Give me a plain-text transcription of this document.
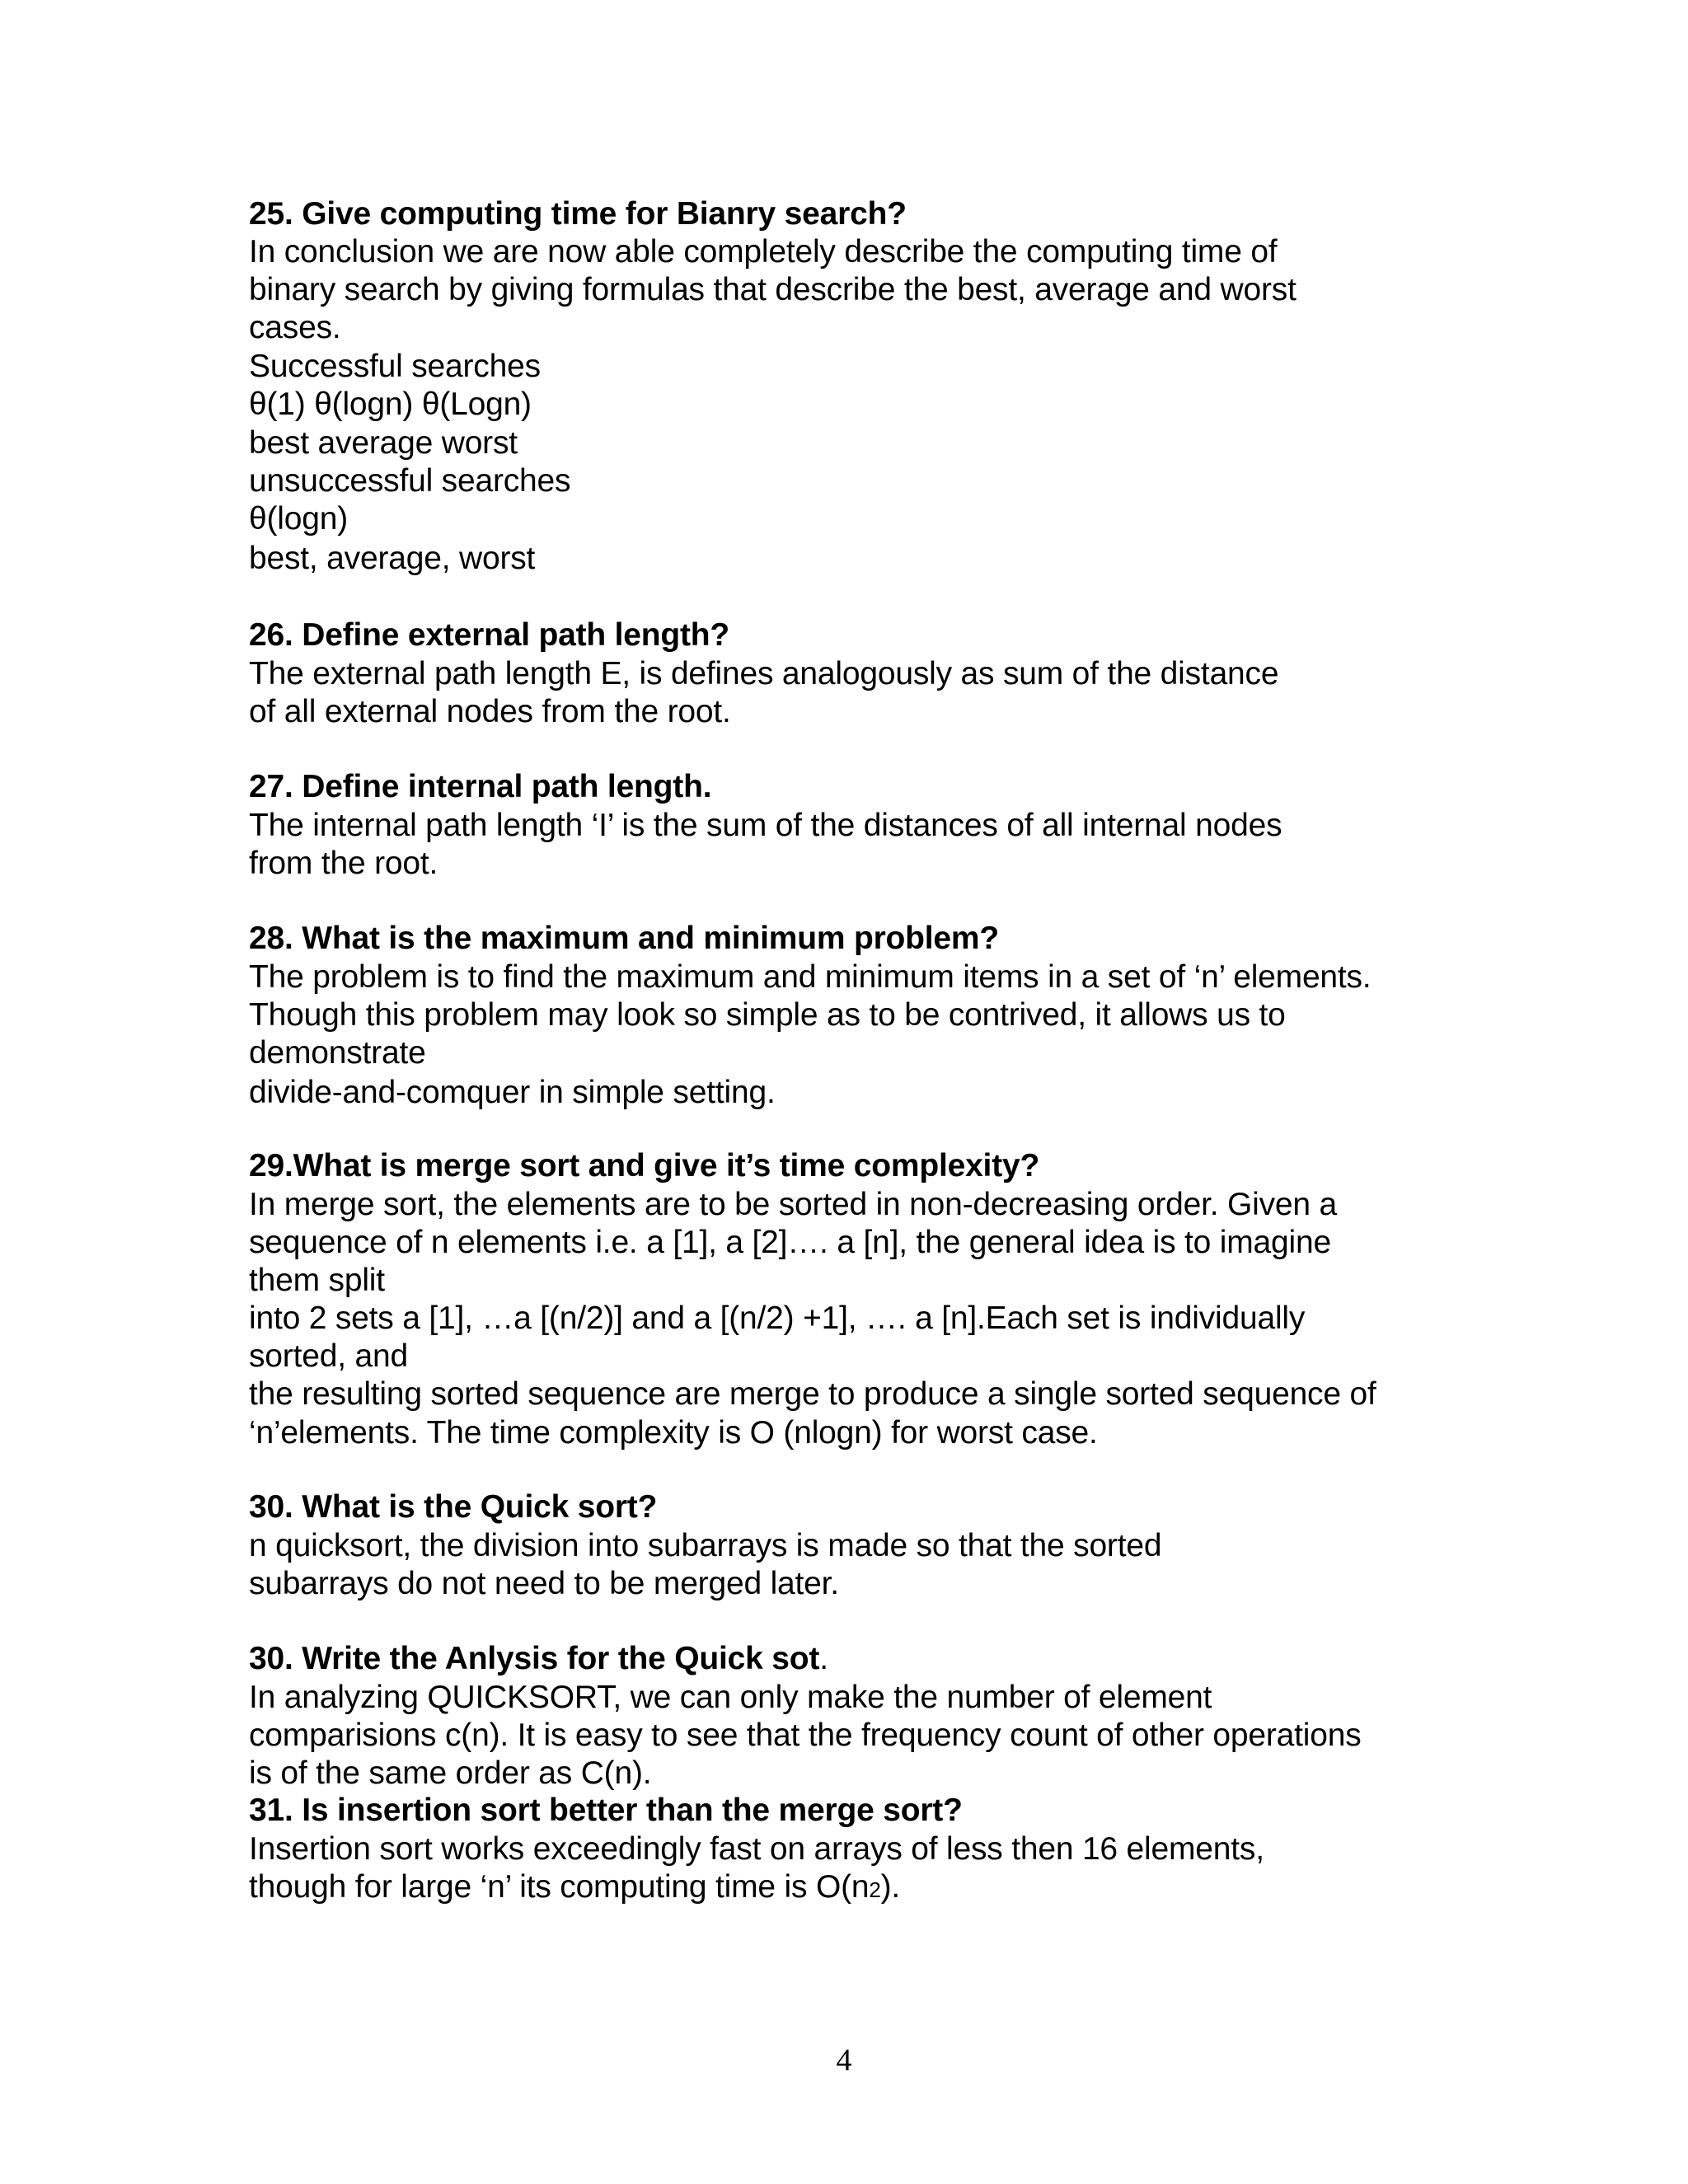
25. Give computing time for Bianry search?
In conclusion we are now able completely describe the computing time of
binary search by giving formulas that describe the best, average and worst
cases.
Successful searches
θ(1) θ(logn) θ(Logn)
best average worst
unsuccessful searches
θ(logn)
best, average, worst
26. Define external path length?
The external path length E, is defines analogously as sum of the distance
of all external nodes from the root.
27. Define internal path length.
The internal path length ‘I’ is the sum of the distances of all internal nodes
from the root.
28. What is the maximum and minimum problem?
The problem is to find the maximum and minimum items in a set of ‘n’ elements.
Though this problem may look so simple as to be contrived, it allows us to
demonstrate
divide-and-comquer in simple setting.
29.What is merge sort and give it’s time complexity?
In merge sort, the elements are to be sorted in non-decreasing order. Given a
sequence of n elements i.e. a [1], a [2]…. a [n], the general idea is to imagine
them split
into 2 sets a [1], …a [(n/2)] and a [(n/2) +1], …. a [n].Each set is individually
sorted, and
the resulting sorted sequence are merge to produce a single sorted sequence of
‘n’elements. The time complexity is O (nlogn) for worst case.
30. What is the Quick sort?
n quicksort, the division into subarrays is made so that the sorted
subarrays do not need to be merged later.
30. Write the Anlysis for the Quick sot.
In analyzing QUICKSORT, we can only make the number of element
comparisions c(n). It is easy to see that the frequency count of other operations
is of the same order as C(n).
31. Is insertion sort better than the merge sort?
Insertion sort works exceedingly fast on arrays of less then 16 elements,
though for large ‘n’ its computing time is O(n2).
4
